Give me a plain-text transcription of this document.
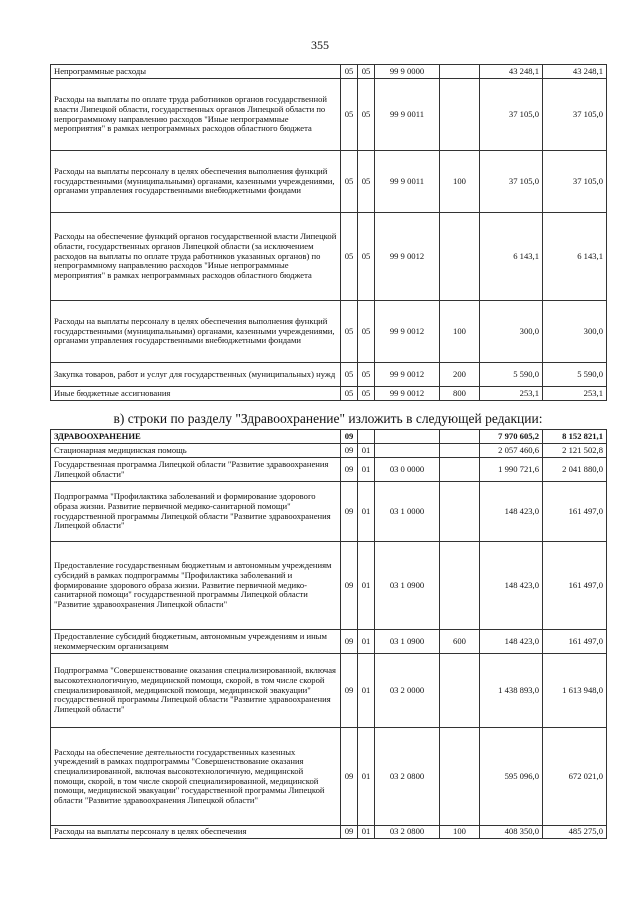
355
Непрограммные расходы	05	05	99 9 0000		43 248,1	43 248,1
Расходы на выплаты по оплате труда работников органов государственной власти Липецкой области, государственных органов Липецкой области по непрограммному направлению расходов "Иные непрограммные мероприятия" в рамках непрограммных расходов областного бюджета	05	05	99 9 0011		37 105,0	37 105,0
Расходы на выплаты персоналу в целях обеспечения выполнения функций государственными (муниципальными) органами, казенными учреждениями, органами управления государственными внебюджетными фондами	05	05	99 9 0011	100	37 105,0	37 105,0
Расходы на обеспечение функций органов государственной власти Липецкой области, государственных органов Липецкой области (за исключением расходов на выплаты по оплате труда работников указанных органов) по непрограммному направлению расходов "Иные непрограммные мероприятия" в рамках непрограммных расходов областного бюджета	05	05	99 9 0012		6 143,1	6 143,1
Расходы на выплаты персоналу в целях обеспечения выполнения функций государственными (муниципальными) органами, казенными учреждениями, органами управления государственными внебюджетными фондами	05	05	99 9 0012	100	300,0	300,0
Закупка товаров, работ и услуг для государственных (муниципальных) нужд	05	05	99 9 0012	200	5 590,0	5 590,0
Иные бюджетные ассигнования	05	05	99 9 0012	800	253,1	253,1
в) строки по разделу "Здравоохранение" изложить в следующей редакции:
ЗДРАВООХРАНЕНИЕ	09				7 970 605,2	8 152 821,1
Стационарная медицинская помощь	09	01			2 057 460,6	2 121 502,8
Государственная программа Липецкой области "Развитие здравоохранения Липецкой области"	09	01	03 0 0000		1 990 721,6	2 041 880,0
Подпрограмма "Профилактика заболеваний и формирование здорового образа жизни. Развитие первичной медико-санитарной помощи" государственной программы Липецкой области "Развитие здравоохранения Липецкой области"	09	01	03 1 0000		148 423,0	161 497,0
Предоставление государственным бюджетным и автономным учреждениям субсидий в рамках подпрограммы "Профилактика заболеваний и формирование здорового образа жизни. Развитие первичной медико-санитарной помощи" государственной программы Липецкой области "Развитие здравоохранения Липецкой области"	09	01	03 1 0900		148 423,0	161 497,0
Предоставление субсидий бюджетным, автономным учреждениям и иным некоммерческим организациям	09	01	03 1 0900	600	148 423,0	161 497,0
Подпрограмма "Совершенствование оказания специализированной, включая высокотехнологичную, медицинской помощи, скорой, в том числе скорой специализированной, медицинской помощи, медицинской эвакуации" государственной программы Липецкой области "Развитие здравоохранения Липецкой области"	09	01	03 2 0000		1 438 893,0	1 613 948,0
Расходы на обеспечение деятельности государственных казенных учреждений в рамках подпрограммы "Совершенствование оказания специализированной, включая высокотехнологичную, медицинской помощи, скорой, в том числе скорой специализированной, медицинской помощи, медицинской эвакуации" государственной программы Липецкой области "Развитие здравоохранения Липецкой области"	09	01	03 2 0800		595 096,0	672 021,0
Расходы на выплаты персоналу в целях обеспечения	09	01	03 2 0800	100	408 350,0	485 275,0
